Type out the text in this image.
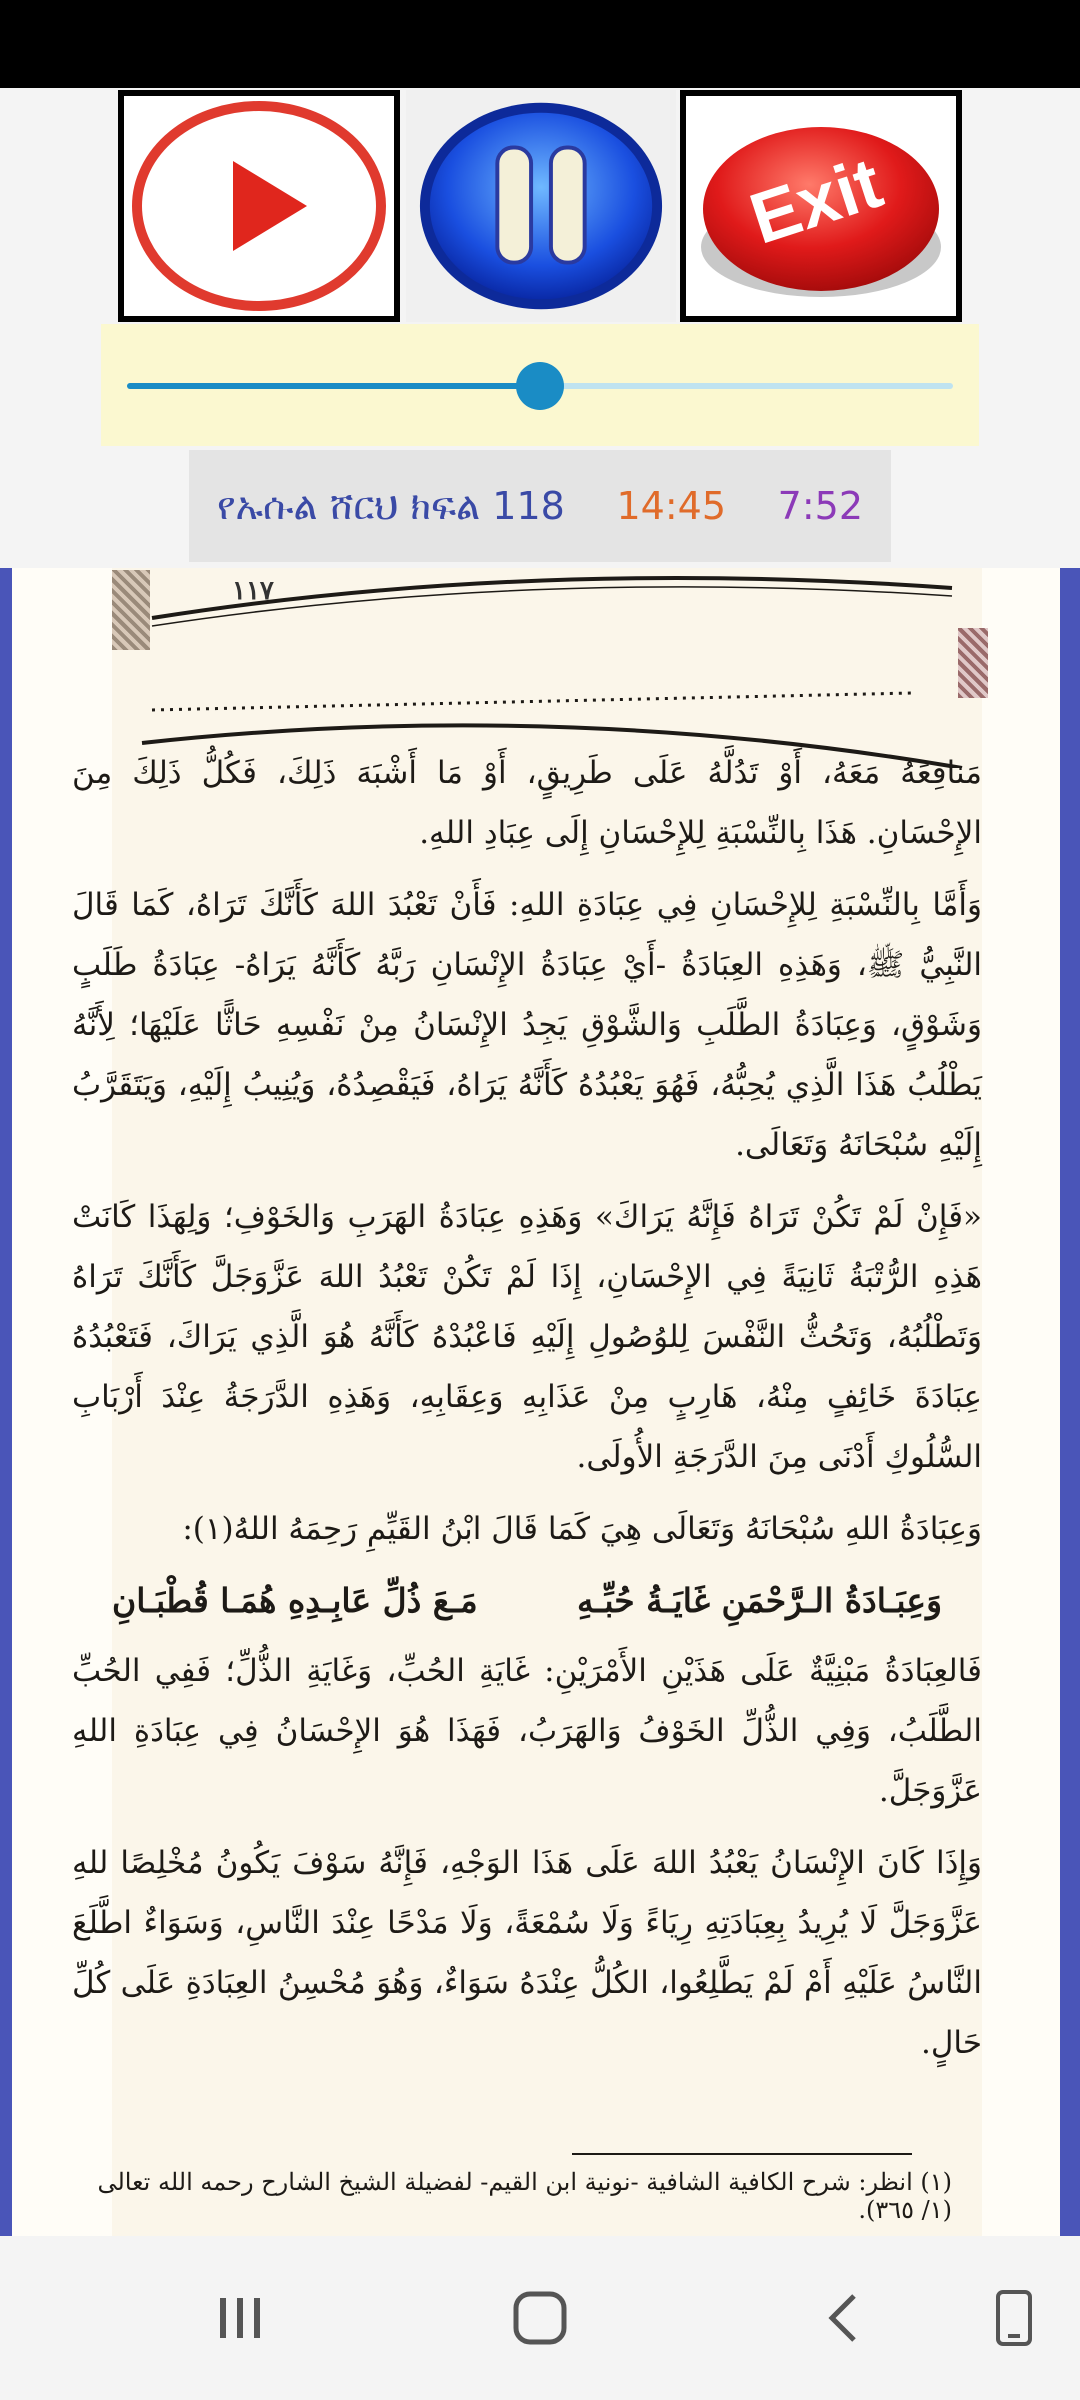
Exit
የኡሱል ሸርህ ክፍል 118 14:45 7:52
١١٧

مَنافِعَهُ مَعَهُ، أَوْ تَدُلَّهُ عَلَى طَرِيقٍ، أَوْ مَا أَشْبَهَ ذَلِكَ، فَكُلُّ ذَلِكَ مِنَ الإِحْسَانِ. هَذَا بِالنِّسْبَةِ لِلإِحْسَانِ إِلَى عِبَادِ اللهِ.

وَأَمَّا بِالنِّسْبَةِ لِلإِحْسَانِ فِي عِبَادَةِ اللهِ: فَأَنْ تَعْبُدَ اللهَ كَأَنَّكَ تَرَاهُ، كَمَا قَالَ النَّبِيُّ ﷺ، وَهَذِهِ العِبَادَةُ -أَيْ عِبَادَةُ الإِنْسَانِ رَبَّهُ كَأَنَّهُ يَرَاهُ- عِبَادَةُ طَلَبٍ وَشَوْقٍ، وَعِبَادَةُ الطَّلَبِ وَالشَّوْقِ يَجِدُ الإِنْسَانُ مِنْ نَفْسِهِ حَاثًّا عَلَيْهَا؛ لِأَنَّهُ يَطْلُبُ هَذَا الَّذِي يُحِبُّهُ، فَهُوَ يَعْبُدُهُ كَأَنَّهُ يَرَاهُ، فَيَقْصِدُهُ، وَيُنِيبُ إِلَيْهِ، وَيَتَقَرَّبُ إِلَيْهِ سُبْحَانَهُ وَتَعَالَى.

«فَإِنْ لَمْ تَكُنْ تَرَاهُ فَإِنَّهُ يَرَاكَ» وَهَذِهِ عِبَادَةُ الهَرَبِ وَالخَوْفِ؛ وَلِهَذَا كَانَتْ هَذِهِ الرُّتْبَةُ ثَانِيَةً فِي الإِحْسَانِ، إِذَا لَمْ تَكُنْ تَعْبُدُ اللهَ عَزَّوَجَلَّ كَأَنَّكَ تَرَاهُ وَتَطْلُبُهُ، وَتَحُثُّ النَّفْسَ لِلوُصُولِ إِلَيْهِ فَاعْبُدْهُ كَأَنَّهُ هُوَ الَّذِي يَرَاكَ، فَتَعْبُدُهُ عِبَادَةَ خَائِفٍ مِنْهُ، هَارِبٍ مِنْ عَذَابِهِ وَعِقَابِهِ، وَهَذِهِ الدَّرَجَةُ عِنْدَ أَرْبَابِ السُّلُوكِ أَدْنَى مِنَ الدَّرَجَةِ الأُولَى.

وَعِبَادَةُ اللهِ سُبْحَانَهُ وَتَعَالَى هِيَ كَمَا قَالَ ابْنُ القَيِّمِ رَحِمَهُ اللهُ(١):

وَعِبَـادَةُ الـرَّحْمَنِ غَايَـةُ حُبِّـهِ
مَـعَ ذُلِّ عَابِـدِهِ هُمَـا قُطْبَـانِ

فَالعِبَادَةُ مَبْنِيَّةٌ عَلَى هَذَيْنِ الأَمْرَيْنِ: غَايَةِ الحُبِّ، وَغَايَةِ الذُّلِّ؛ فَفِي الحُبِّ الطَّلَبُ، وَفِي الذُّلِّ الخَوْفُ وَالهَرَبُ، فَهَذَا هُوَ الإِحْسَانُ فِي عِبَادَةِ اللهِ عَزَّوَجَلَّ.

وَإِذَا كَانَ الإِنْسَانُ يَعْبُدُ اللهَ عَلَى هَذَا الوَجْهِ، فَإِنَّهُ سَوْفَ يَكُونُ مُخْلِصًا للهِ عَزَّوَجَلَّ لَا يُرِيدُ بِعِبَادَتِهِ رِيَاءً وَلَا سُمْعَةً، وَلَا مَدْحًا عِنْدَ النَّاسِ، وَسَوَاءٌ اطَّلَعَ النَّاسُ عَلَيْهِ أَمْ لَمْ يَطَّلِعُوا، الكُلُّ عِنْدَهُ سَوَاءٌ، وَهُوَ مُحْسِنُ العِبَادَةِ عَلَى كُلِّ حَالٍ.

(١) انظر: شرح الكافية الشافية -نونية ابن القيم- لفضيلة الشيخ الشارح رحمه الله تعالى (١/ ٣٦٥).
